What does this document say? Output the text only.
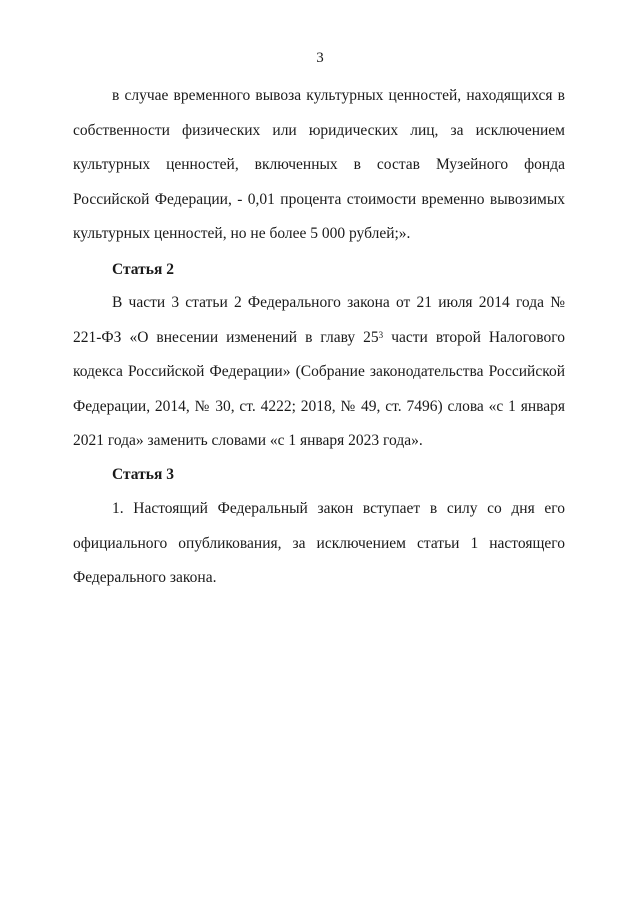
3

в случае временного вывоза культурных ценностей, находящихся в собственности физических или юридических лиц, за исключением культурных ценностей, включенных в состав Музейного фонда Российской Федерации, - 0,01 процента стоимости временно вывозимых культурных ценностей, но не более 5 000 рублей;».

Статья 2

В части 3 статьи 2 Федерального закона от 21 июля 2014 года № 221-ФЗ «О внесении изменений в главу $25^3$ части второй Налогового кодекса Российской Федерации» (Собрание законодательства Российской Федерации, 2014, № 30, ст. 4222; 2018, № 49, ст. 7496) слова «с 1 января 2021 года» заменить словами «с 1 января 2023 года».

Статья 3

1. Настоящий Федеральный закон вступает в силу со дня его официального опубликования, за исключением статьи 1 настоящего Федерального закона.
